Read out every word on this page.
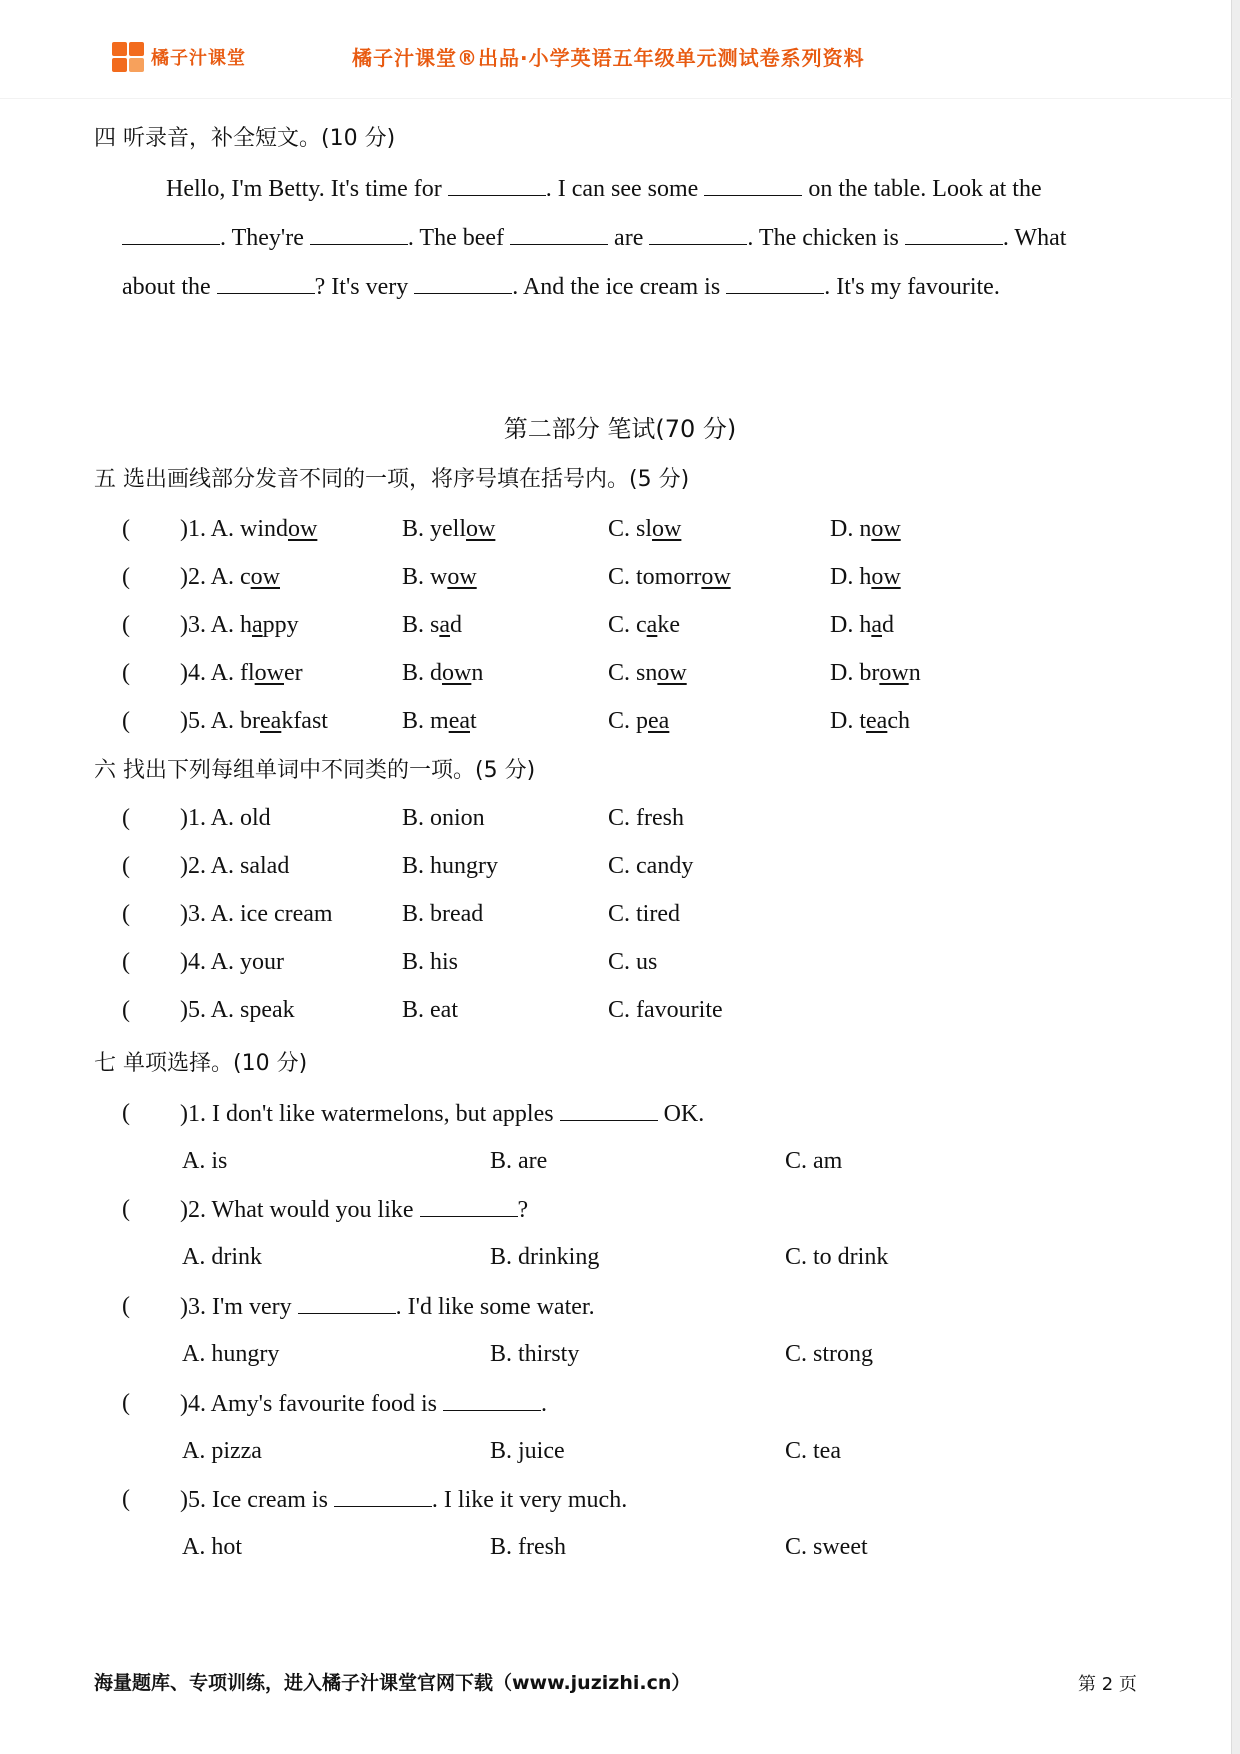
橘子汁课堂	橘子汁课堂®出品·小学英语五年级单元测试卷系列资料
四 听录音，补全短文。(10 分)
Hello, I'm Betty. It's time for	. I can see some	on the table. Look at the
. They're	. The beef	are	. The chicken is	. What
about the	? It's very	. And the ice cream is	. It's my favourite.
第二部分 笔试(70 分)
五 选出画线部分发音不同的一项，将序号填在括号内。(5 分)
( )1. A. window	B. yellow	C. slow	D. now
( )2. A. cow	B. wow	C. tomorrow	D. how
( )3. A. happy	B. sad	C. cake	D. had
( )4. A. flower	B. down	C. snow	D. brown
( )5. A. breakfast	B. meat	C. pea	D. teach
六 找出下列每组单词中不同类的一项。(5 分)
( )1. A. old	B. onion	C. fresh
( )2. A. salad	B. hungry	C. candy
( )3. A. ice cream	B. bread	C. tired
( )4. A. your	B. his	C. us
( )5. A. speak	B. eat	C. favourite
七 单项选择。(10 分)
( )1. I don't like watermelons, but apples	OK.
A. is	B. are	C. am
( )2. What would you like	?
A. drink	B. drinking	C. to drink
( )3. I'm very	. I'd like some water.
A. hungry	B. thirsty	C. strong
( )4. Amy's favourite food is	.
A. pizza	B. juice	C. tea
( )5. Ice cream is	. I like it very much.
A. hot	B. fresh	C. sweet
海量题库、专项训练，进入橘子汁课堂官网下载（www.juzizhi.cn）	第 2 页
